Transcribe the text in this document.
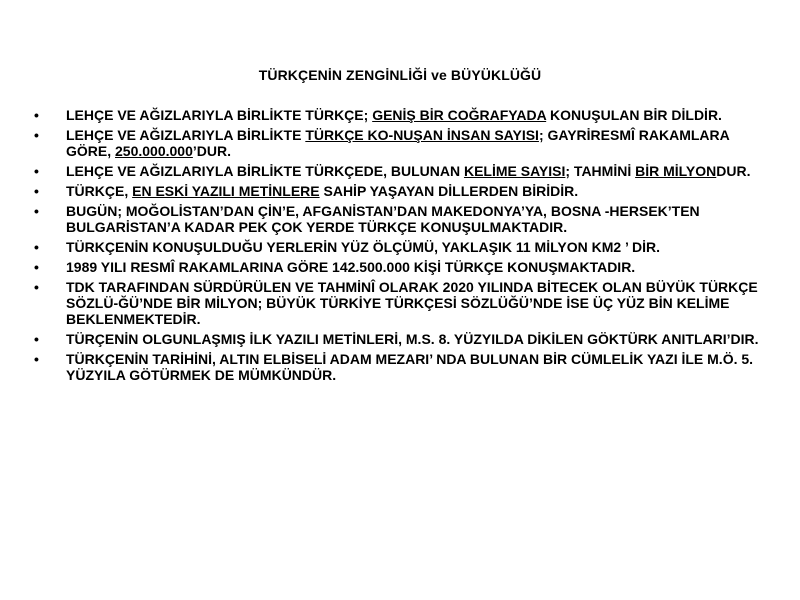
TÜRKÇENİN ZENGİNLİĞİ ve BÜYÜKLÜĞÜ
• LEHÇE VE AĞIZLARIYLA BİRLİKTE TÜRKÇE; GENİŞ BİR COĞRAFYADA KONUŞULAN BİR DİLDİR.
• LEHÇE VE AĞIZLARIYLA BİRLİKTE TÜRKÇE KO-NUŞAN İNSAN SAYISI; GAYRİRESMÎ RAKAMLARA GÖRE, 250.000.000’DUR.
• LEHÇE VE AĞIZLARIYLA BİRLİKTE TÜRKÇEDE, BULUNAN KELİME SAYISI; TAHMİNİ BİR MİLYONDUR.
• TÜRKÇE, EN ESKİ YAZILI METİNLERE SAHİP YAŞAYAN DİLLERDEN BİRİDİR.
• BUGÜN; MOĞOLİSTAN’DAN ÇİN’E, AFGANİSTAN’DAN MAKEDONYA’YA, BOSNA -HERSEK’TEN BULGARİSTAN’A KADAR PEK ÇOK YERDE TÜRKÇE KONUŞULMAKTADIR.
• TÜRKÇENİN KONUŞULDUĞU YERLERİN YÜZ ÖLÇÜMÜ, YAKLAŞIK 11 MİLYON KM2 ’ DİR.
• 1989 YILI RESMÎ RAKAMLARINA GÖRE 142.500.000 KİŞİ TÜRKÇE KONUŞMAKTADIR.
• TDK TARAFINDAN SÜRDÜRÜLEN VE TAHMİNÎ OLARAK 2020 YILINDA BİTECEK OLAN BÜYÜK TÜRKÇE SÖZLÜ-ĞÜ’NDE BİR MİLYON; BÜYÜK TÜRKİYE TÜRKÇESİ SÖZLÜĞÜ’NDE İSE ÜÇ YÜZ BİN KELİME BEKLENMEKTEDİR.
• TÜRÇENİN OLGUNLAŞMIŞ İLK YAZILI METİNLERİ, M.S. 8. YÜZYILDA DİKİLEN GÖKTÜRK ANITLARI’DIR.
• TÜRKÇENİN TARİHİNİ, ALTIN ELBİSELİ ADAM MEZARI’ NDA BULUNAN BİR CÜMLELİK YAZI İLE M.Ö. 5. YÜZYILA GÖTÜRMEK DE MÜMKÜNDÜR.
